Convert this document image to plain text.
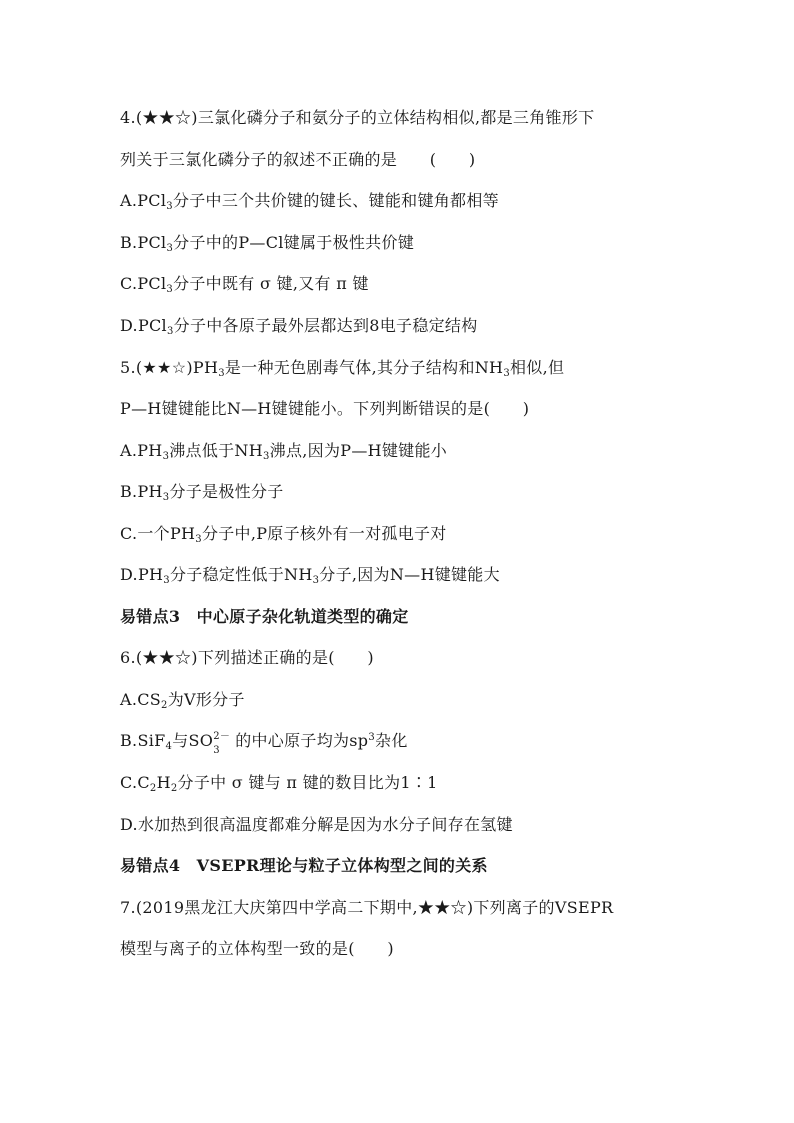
4.(★★☆)三氯化磷分子和氨分子的立体结构相似,都是三角锥形下
列关于三氯化磷分子的叙述不正确的是　　(　　)
A.PCl$_3$分子中三个共价键的键长、键能和键角都相等
B.PCl$_3$分子中的P—Cl键属于极性共价键
C.PCl$_3$分子中既有 σ 键,又有 π 键
D.PCl$_3$分子中各原子最外层都达到8电子稳定结构
$5.(★★☆)PH_3$是一种无色剧毒气体,其分子结构和$NH_3$相似,但
P—H键键能比N—H键键能小。下列判断错误的是(　　)
$A.PH_3$沸点低于$NH_3$沸点,因为P—H键键能小
$B.PH_3$分子是极性分子
C.一个$PH_3$分子中,P原子核外有一对孤电子对
$D.PH_3$分子稳定性低于$NH_3$分子,因为N—H键键能大
易错点3　中心原子杂化轨道类型的确定
6.(★★☆)下列描述正确的是(　　)
$A.CS_2$为V形分子
B.SiF$_4$与SO 2－
3
的中心原子均为$sp^3$杂化
$C.C_2H_2$分子中 σ 键与 π 键的数目比为1∶1
D.水加热到很高温度都难分解是因为水分子间存在氢键
易错点4　VSEPR理论与粒子立体构型之间的关系
7.(2019黑龙江大庆第四中学高二下期中,★★☆)下列离子的VSEPR
模型与离子的立体构型一致的是(　　)
